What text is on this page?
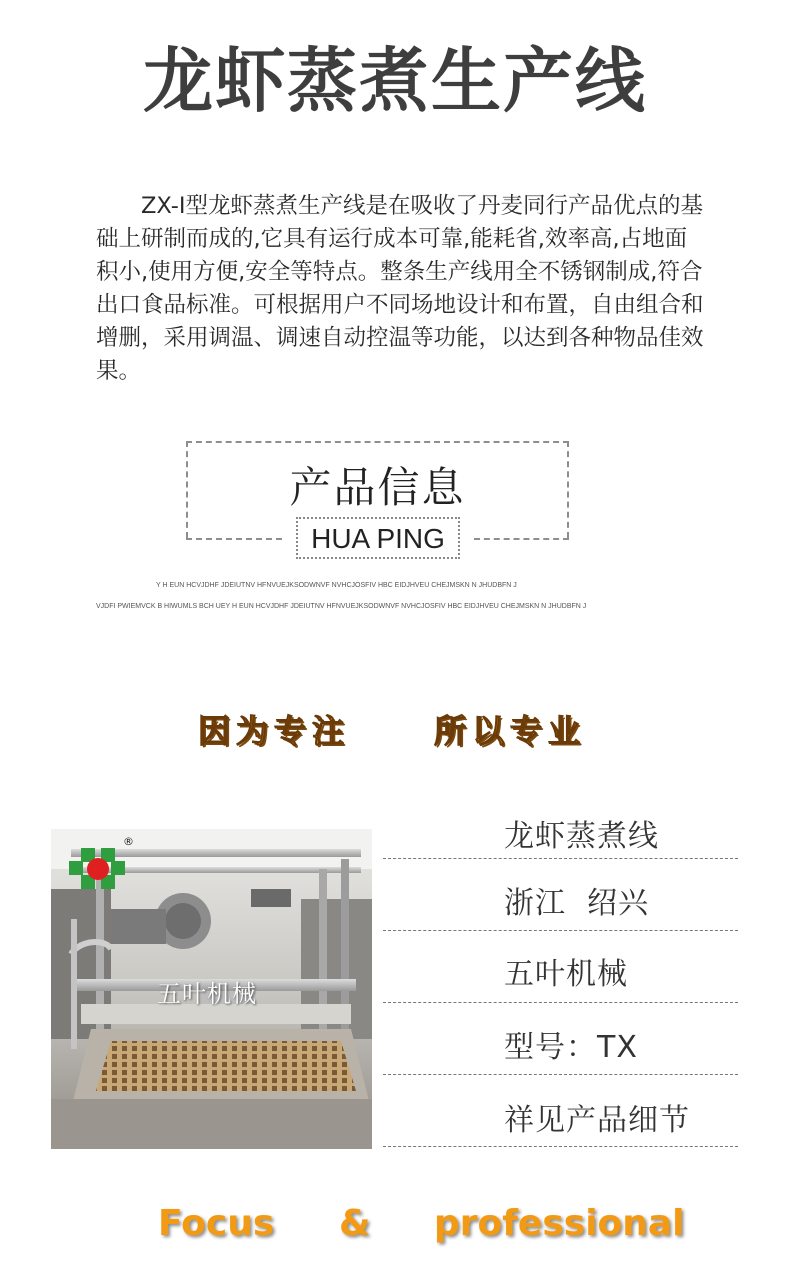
龙虾蒸煮生产线
ZX-Ⅰ型龙虾蒸煮生产线是在吸收了丹麦同行产品优点的基础上研制而成的,它具有运行成本可靠,能耗省,效率高,占地面积小,使用方便,安全等特点。整条生产线用全不锈钢制成,符合出口食品标准。可根据用户不同场地设计和布置，自由组合和增删，采用调温、调速自动控温等功能，以达到各种物品佳效果。
产品信息
HUA PING
Y H EUN HCVJDHF JDEIUTNV HFNVUEJKSODWNVF NVHCJOSFIV HBC EIDJHVEU CHEJMSKN N JHUDBFN J
VJDFI PWIEMVCK B HIWUMLS BCH UEY H EUN HCVJDHF JDEIUTNV HFNVUEJKSODWNVF NVHCJOSFIV HBC EIDJHVEU CHEJMSKN N JHUDBFN J
因为专注	所以专业
®
五叶机械
龙虾蒸煮线
浙江  绍兴
五叶机械
型号：TX
祥见产品细节
Focus & professional
